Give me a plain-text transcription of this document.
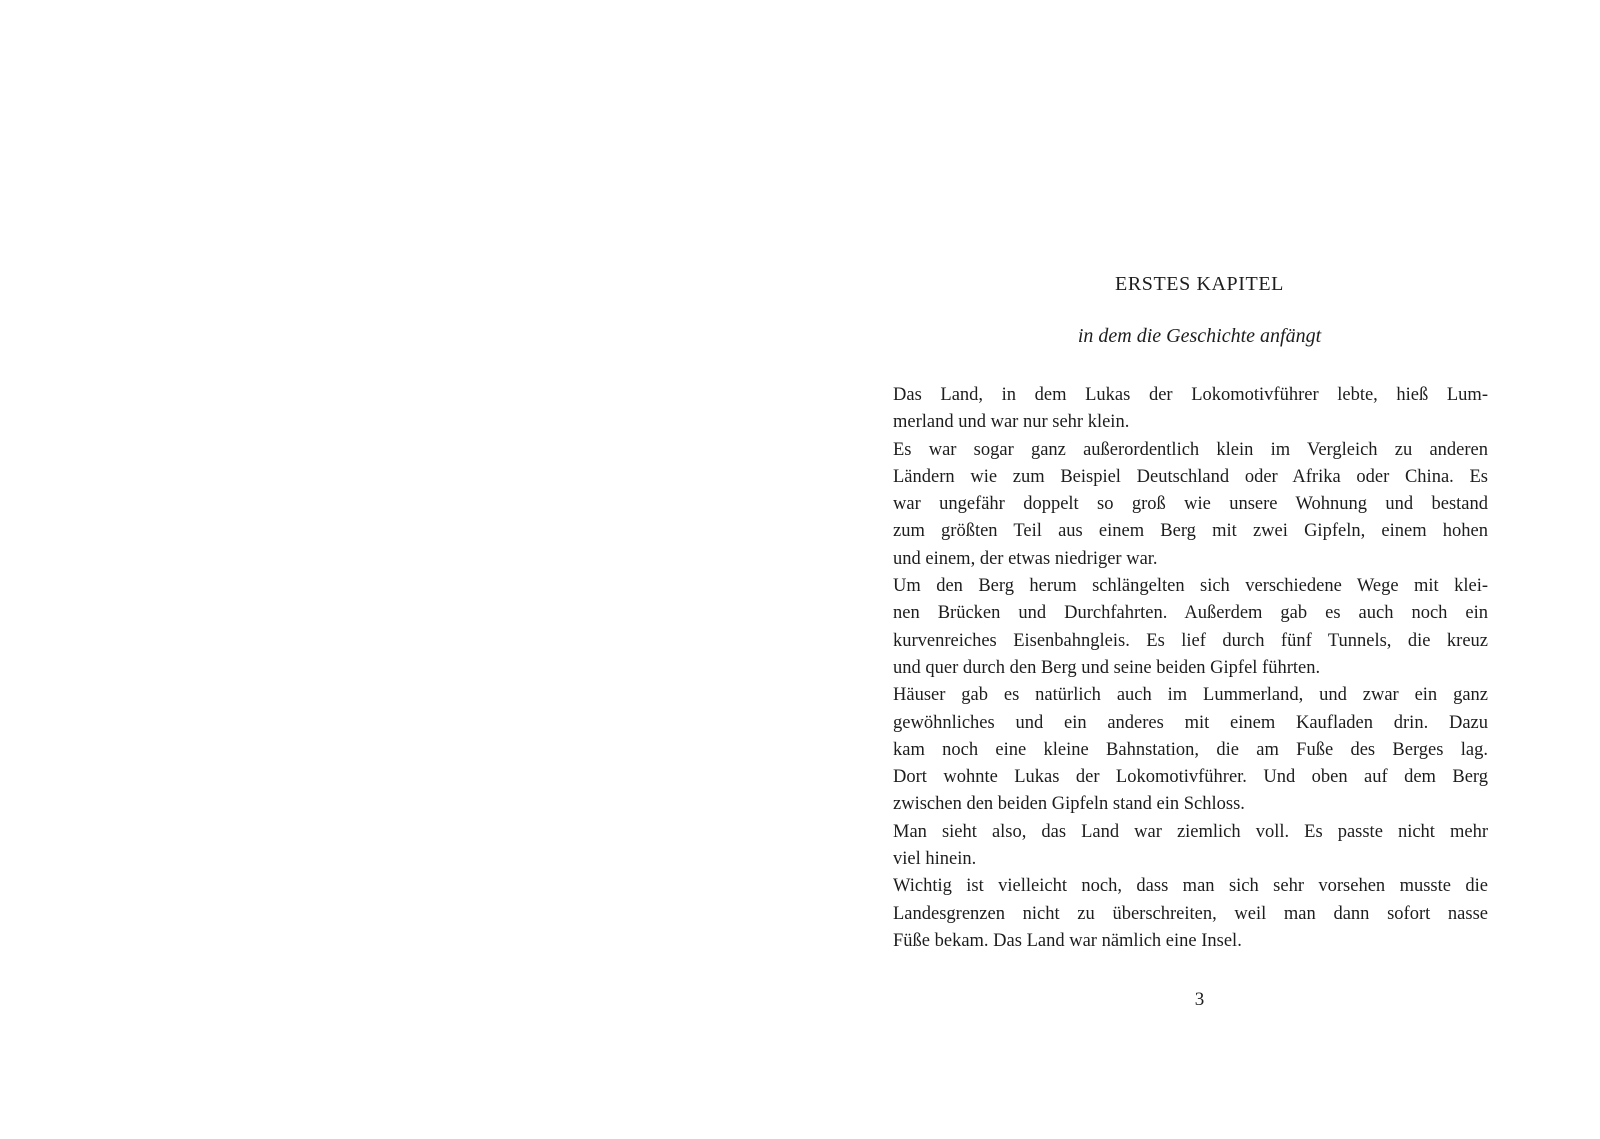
ERSTES KAPITEL
in dem die Geschichte anfängt
Das Land, in dem Lukas der Lokomotivführer lebte, hieß Lum-
merland und war nur sehr klein.
Es war sogar ganz außerordentlich klein im Vergleich zu anderen
Ländern wie zum Beispiel Deutschland oder Afrika oder China. Es
war ungefähr doppelt so groß wie unsere Wohnung und bestand
zum größten Teil aus einem Berg mit zwei Gipfeln, einem hohen
und einem, der etwas niedriger war.
Um den Berg herum schlängelten sich verschiedene Wege mit klei-
nen Brücken und Durchfahrten. Außerdem gab es auch noch ein
kurvenreiches Eisenbahngleis. Es lief durch fünf Tunnels, die kreuz
und quer durch den Berg und seine beiden Gipfel führten.
Häuser gab es natürlich auch im Lummerland, und zwar ein ganz
gewöhnliches und ein anderes mit einem Kaufladen drin. Dazu
kam noch eine kleine Bahnstation, die am Fuße des Berges lag.
Dort wohnte Lukas der Lokomotivführer. Und oben auf dem Berg
zwischen den beiden Gipfeln stand ein Schloss.
Man sieht also, das Land war ziemlich voll. Es passte nicht mehr
viel hinein.
Wichtig ist vielleicht noch, dass man sich sehr vorsehen musste die
Landesgrenzen nicht zu überschreiten, weil man dann sofort nasse
Füße bekam. Das Land war nämlich eine Insel.
3
